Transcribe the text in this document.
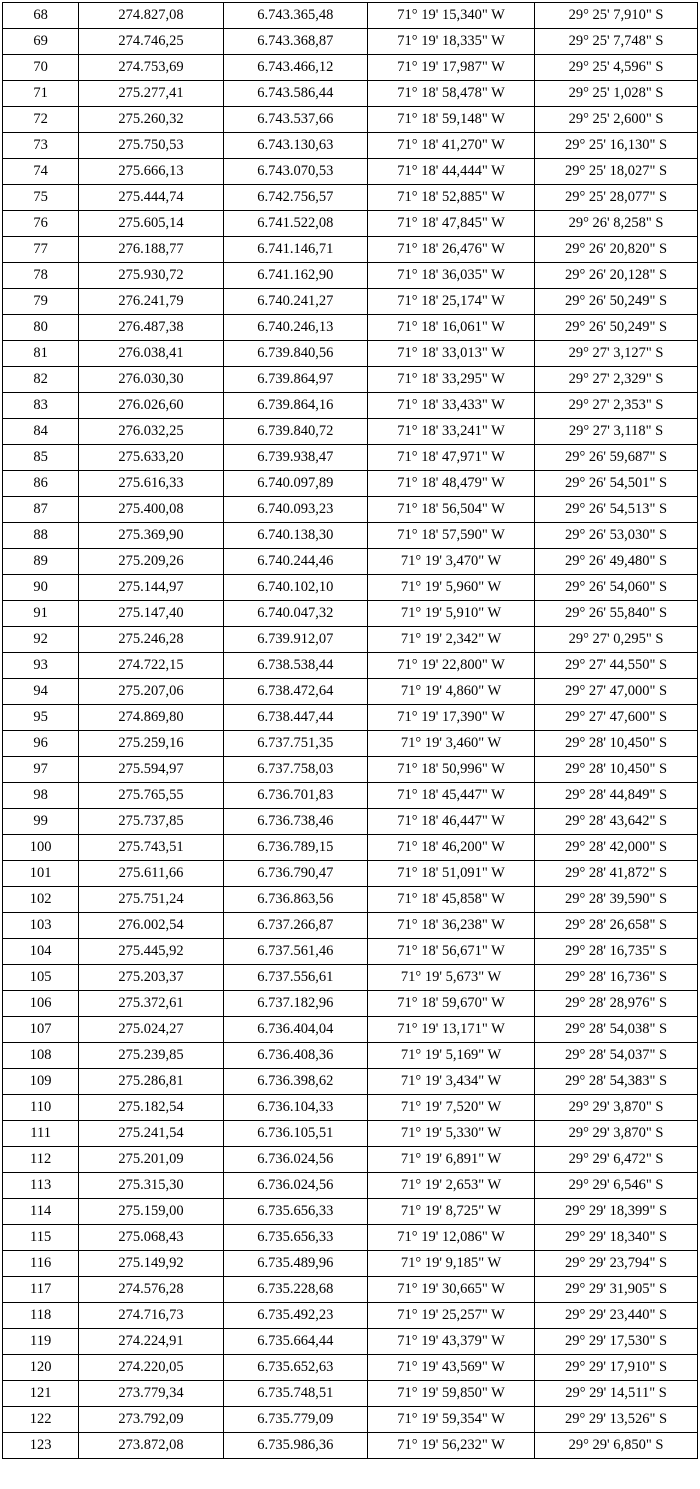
68	274.827,08	6.743.365,48	71° 19' 15,340" W	29° 25' 7,910" S
69	274.746,25	6.743.368,87	71° 19' 18,335" W	29° 25' 7,748" S
70	274.753,69	6.743.466,12	71° 19' 17,987" W	29° 25' 4,596" S
71	275.277,41	6.743.586,44	71° 18' 58,478" W	29° 25' 1,028" S
72	275.260,32	6.743.537,66	71° 18' 59,148" W	29° 25' 2,600" S
73	275.750,53	6.743.130,63	71° 18' 41,270" W	29° 25' 16,130" S
74	275.666,13	6.743.070,53	71° 18' 44,444" W	29° 25' 18,027" S
75	275.444,74	6.742.756,57	71° 18' 52,885" W	29° 25' 28,077" S
76	275.605,14	6.741.522,08	71° 18' 47,845" W	29° 26' 8,258" S
77	276.188,77	6.741.146,71	71° 18' 26,476" W	29° 26' 20,820" S
78	275.930,72	6.741.162,90	71° 18' 36,035" W	29° 26' 20,128" S
79	276.241,79	6.740.241,27	71° 18' 25,174" W	29° 26' 50,249" S
80	276.487,38	6.740.246,13	71° 18' 16,061" W	29° 26' 50,249" S
81	276.038,41	6.739.840,56	71° 18' 33,013" W	29° 27' 3,127" S
82	276.030,30	6.739.864,97	71° 18' 33,295" W	29° 27' 2,329" S
83	276.026,60	6.739.864,16	71° 18' 33,433" W	29° 27' 2,353" S
84	276.032,25	6.739.840,72	71° 18' 33,241" W	29° 27' 3,118" S
85	275.633,20	6.739.938,47	71° 18' 47,971" W	29° 26' 59,687" S
86	275.616,33	6.740.097,89	71° 18' 48,479" W	29° 26' 54,501" S
87	275.400,08	6.740.093,23	71° 18' 56,504" W	29° 26' 54,513" S
88	275.369,90	6.740.138,30	71° 18' 57,590" W	29° 26' 53,030" S
89	275.209,26	6.740.244,46	71° 19' 3,470" W	29° 26' 49,480" S
90	275.144,97	6.740.102,10	71° 19' 5,960" W	29° 26' 54,060" S
91	275.147,40	6.740.047,32	71° 19' 5,910" W	29° 26' 55,840" S
92	275.246,28	6.739.912,07	71° 19' 2,342" W	29° 27' 0,295" S
93	274.722,15	6.738.538,44	71° 19' 22,800" W	29° 27' 44,550" S
94	275.207,06	6.738.472,64	71° 19' 4,860" W	29° 27' 47,000" S
95	274.869,80	6.738.447,44	71° 19' 17,390" W	29° 27' 47,600" S
96	275.259,16	6.737.751,35	71° 19' 3,460" W	29° 28' 10,450" S
97	275.594,97	6.737.758,03	71° 18' 50,996" W	29° 28' 10,450" S
98	275.765,55	6.736.701,83	71° 18' 45,447" W	29° 28' 44,849" S
99	275.737,85	6.736.738,46	71° 18' 46,447" W	29° 28' 43,642" S
100	275.743,51	6.736.789,15	71° 18' 46,200" W	29° 28' 42,000" S
101	275.611,66	6.736.790,47	71° 18' 51,091" W	29° 28' 41,872" S
102	275.751,24	6.736.863,56	71° 18' 45,858" W	29° 28' 39,590" S
103	276.002,54	6.737.266,87	71° 18' 36,238" W	29° 28' 26,658" S
104	275.445,92	6.737.561,46	71° 18' 56,671" W	29° 28' 16,735" S
105	275.203,37	6.737.556,61	71° 19' 5,673" W	29° 28' 16,736" S
106	275.372,61	6.737.182,96	71° 18' 59,670" W	29° 28' 28,976" S
107	275.024,27	6.736.404,04	71° 19' 13,171" W	29° 28' 54,038" S
108	275.239,85	6.736.408,36	71° 19' 5,169" W	29° 28' 54,037" S
109	275.286,81	6.736.398,62	71° 19' 3,434" W	29° 28' 54,383" S
110	275.182,54	6.736.104,33	71° 19' 7,520" W	29° 29' 3,870" S
111	275.241,54	6.736.105,51	71° 19' 5,330" W	29° 29' 3,870" S
112	275.201,09	6.736.024,56	71° 19' 6,891" W	29° 29' 6,472" S
113	275.315,30	6.736.024,56	71° 19' 2,653" W	29° 29' 6,546" S
114	275.159,00	6.735.656,33	71° 19' 8,725" W	29° 29' 18,399" S
115	275.068,43	6.735.656,33	71° 19' 12,086" W	29° 29' 18,340" S
116	275.149,92	6.735.489,96	71° 19' 9,185" W	29° 29' 23,794" S
117	274.576,28	6.735.228,68	71° 19' 30,665" W	29° 29' 31,905" S
118	274.716,73	6.735.492,23	71° 19' 25,257" W	29° 29' 23,440" S
119	274.224,91	6.735.664,44	71° 19' 43,379" W	29° 29' 17,530" S
120	274.220,05	6.735.652,63	71° 19' 43,569" W	29° 29' 17,910" S
121	273.779,34	6.735.748,51	71° 19' 59,850" W	29° 29' 14,511" S
122	273.792,09	6.735.779,09	71° 19' 59,354" W	29° 29' 13,526" S
123	273.872,08	6.735.986,36	71° 19' 56,232" W	29° 29' 6,850" S
